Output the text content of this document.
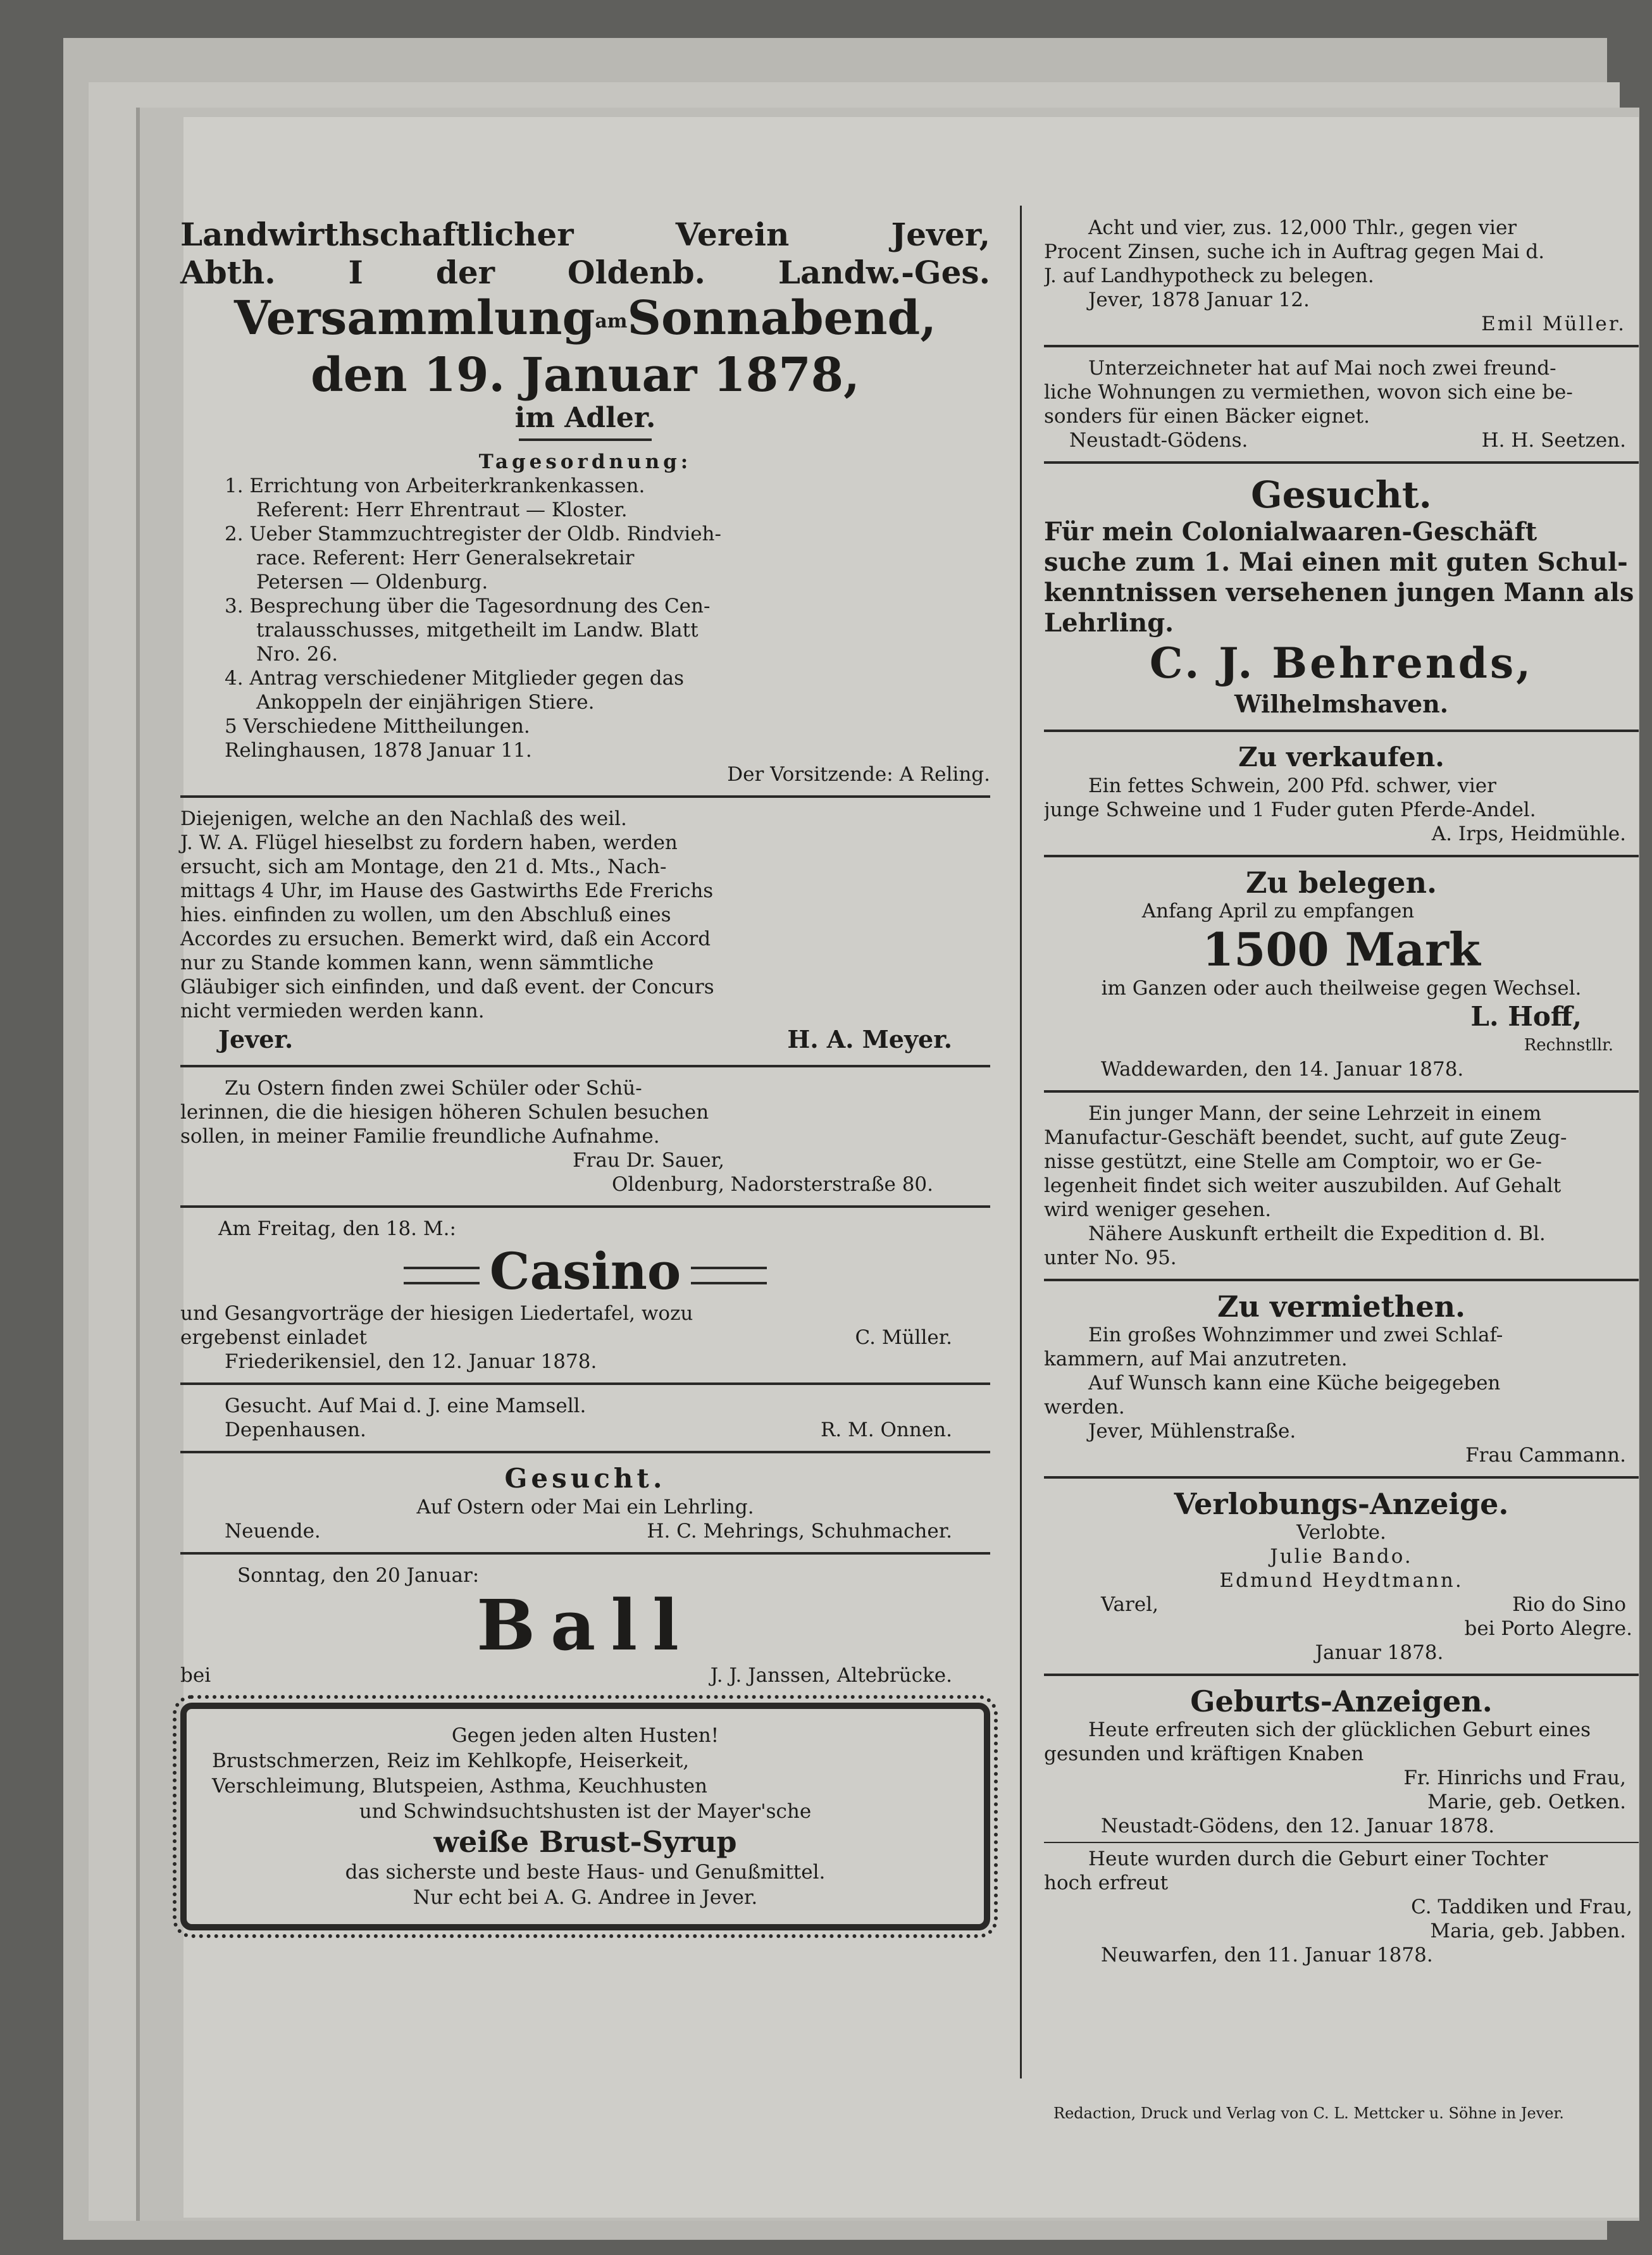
Landwirthschaftlicher Verein Jever,
Abth. I der Oldenb. Landw.-Ges.
VersammlungamSonnabend,
den 19. Januar 1878,
im Adler.
Tagesordnung:
1. Errichtung von Arbeiterkrankenkassen.
Referent: Herr Ehrentraut — Kloster.
2. Ueber Stammzuchtregister der Oldb. Rindvieh-
race. Referent: Herr Generalsekretair
Petersen — Oldenburg.
3. Besprechung über die Tagesordnung des Cen-
tralausschusses, mitgetheilt im Landw. Blatt
Nro. 26.
4. Antrag verschiedener Mitglieder gegen das
Ankoppeln der einjährigen Stiere.
5 Verschiedene Mittheilungen.
Relinghausen, 1878 Januar 11.
Der Vorsitzende: A Reling.
Diejenigen, welche an den Nachlaß des weil.
J. W. A. Flügel hieselbst zu fordern haben, werden
ersucht, sich am Montage, den 21 d. Mts., Nach-
mittags 4 Uhr, im Hause des Gastwirths Ede Frerichs
hies. einfinden zu wollen, um den Abschluß eines
Accordes zu ersuchen. Bemerkt wird, daß ein Accord
nur zu Stande kommen kann, wenn sämmtliche
Gläubiger sich einfinden, und daß event. der Concurs
nicht vermieden werden kann.
Jever.	H. A. Meyer.
Zu Ostern finden zwei Schüler oder Schü-
lerinnen, die die hiesigen höheren Schulen besuchen
sollen, in meiner Familie freundliche Aufnahme.
Frau Dr. Sauer,
Oldenburg, Nadorsterstraße 80.
Am Freitag, den 18. M.:
Casino
und Gesangvorträge der hiesigen Liedertafel, wozu
ergebenst einladet	C. Müller.
Friederikensiel, den 12. Januar 1878.
Gesucht. Auf Mai d. J. eine Mamsell.
Depenhausen.	R. M. Onnen.
Gesucht.
Auf Ostern oder Mai ein Lehrling.
Neuende.	H. C. Mehrings, Schuhmacher.
Sonntag, den 20 Januar:
Ball
bei	J. J. Janssen, Altebrücke.
Gegen jeden alten Husten!
Brustschmerzen, Reiz im Kehlkopfe, Heiserkeit,
Verschleimung, Blutspeien, Asthma, Keuchhusten
und Schwindsuchtshusten ist der Mayer'sche
weiße Brust-Syrup
das sicherste und beste Haus- und Genußmittel.
Nur echt bei A. G. Andree in Jever.
Acht und vier, zus. 12,000 Thlr., gegen vier
Procent Zinsen, suche ich in Auftrag gegen Mai d.
J. auf Landhypotheck zu belegen.
Jever, 1878 Januar 12.
Emil Müller.
Unterzeichneter hat auf Mai noch zwei freund-
liche Wohnungen zu vermiethen, wovon sich eine be-
sonders für einen Bäcker eignet.
Neustadt-Gödens.	H. H. Seetzen.
Gesucht.
Für mein Colonialwaaren-Geschäft
suche zum 1. Mai einen mit guten Schul-
kenntnissen versehenen jungen Mann als
Lehrling.
C. J. Behrends,
Wilhelmshaven.
Zu verkaufen.
Ein fettes Schwein, 200 Pfd. schwer, vier
junge Schweine und 1 Fuder guten Pferde-Andel.
A. Irps, Heidmühle.
Zu belegen.
Anfang April zu empfangen
1500 Mark
im Ganzen oder auch theilweise gegen Wechsel.
L. Hoff,
Rechnstllr.
Waddewarden, den 14. Januar 1878.
Ein junger Mann, der seine Lehrzeit in einem
Manufactur-Geschäft beendet, sucht, auf gute Zeug-
nisse gestützt, eine Stelle am Comptoir, wo er Ge-
legenheit findet sich weiter auszubilden. Auf Gehalt
wird weniger gesehen.
Nähere Auskunft ertheilt die Expedition d. Bl.
unter No. 95.
Zu vermiethen.
Ein großes Wohnzimmer und zwei Schlaf-
kammern, auf Mai anzutreten.
Auf Wunsch kann eine Küche beigegeben
werden.
Jever, Mühlenstraße.
Frau Cammann.
Verlobungs-Anzeige.
Verlobte.
Julie Bando.
Edmund Heydtmann.
Varel,	Rio do Sino
bei Porto Alegre.
Januar 1878.
Geburts-Anzeigen.
Heute erfreuten sich der glücklichen Geburt eines
gesunden und kräftigen Knaben
Fr. Hinrichs und Frau,
Marie, geb. Oetken.
Neustadt-Gödens, den 12. Januar 1878.
Heute wurden durch die Geburt einer Tochter
hoch erfreut
C. Taddiken und Frau,
Maria, geb. Jabben.
Neuwarfen, den 11. Januar 1878.
Redaction, Druck und Verlag von C. L. Mettcker u. Söhne in Jever.
